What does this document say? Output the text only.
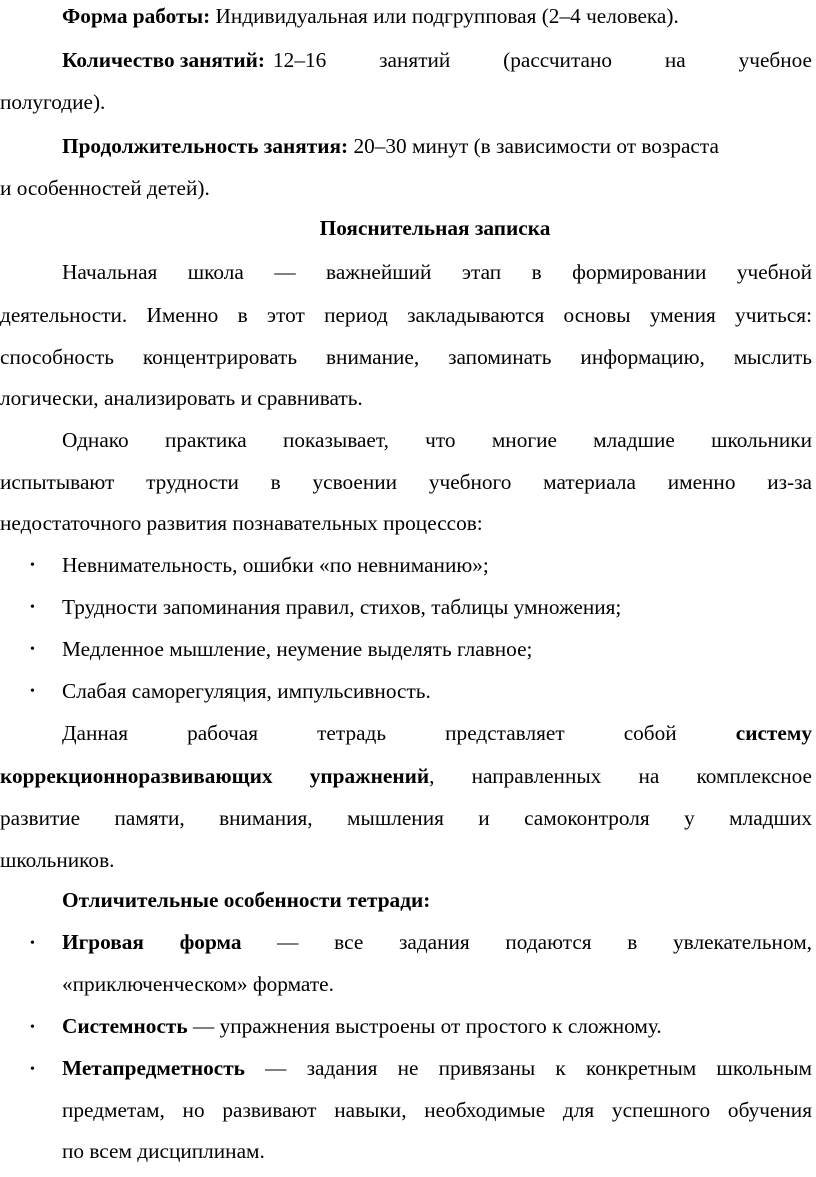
Форма работы: Индивидуальная или подгрупповая (2–4 человека).
Количество занятий: 12–16 занятий (рассчитано на учебное
полугодие).
Продолжительность занятия: 20–30 минут (в зависимости от возраста
и особенностей детей).
Пояснительная записка
Начальная школа — важнейший этап в формировании учебной
деятельности. Именно в этот период закладываются основы умения учиться:
способность концентрировать внимание, запоминать информацию, мыслить
логически, анализировать и сравнивать.
Однако практика показывает, что многие младшие школьники
испытывают трудности в усвоении учебного материала именно из-за
недостаточного развития познавательных процессов:
• Невнимательность, ошибки «по невниманию»;
• Трудности запоминания правил, стихов, таблицы умножения;
• Медленное мышление, неумение выделять главное;
• Слабая саморегуляция, импульсивность.
Данная рабочая тетрадь представляет собой	систему
коррекционноразвивающих упражнений, направленных на комплексное
развитие памяти, внимания, мышления и самоконтроля у младших
школьников.
Отличительные особенности тетради:
• Игровая форма — все задания подаются в увлекательном,
«приключенческом» формате.
• Системность — упражнения выстроены от простого к сложному.
• Метапредметность — задания не привязаны к конкретным школьным
предметам, но развивают навыки, необходимые для успешного обучения
по всем дисциплинам.
